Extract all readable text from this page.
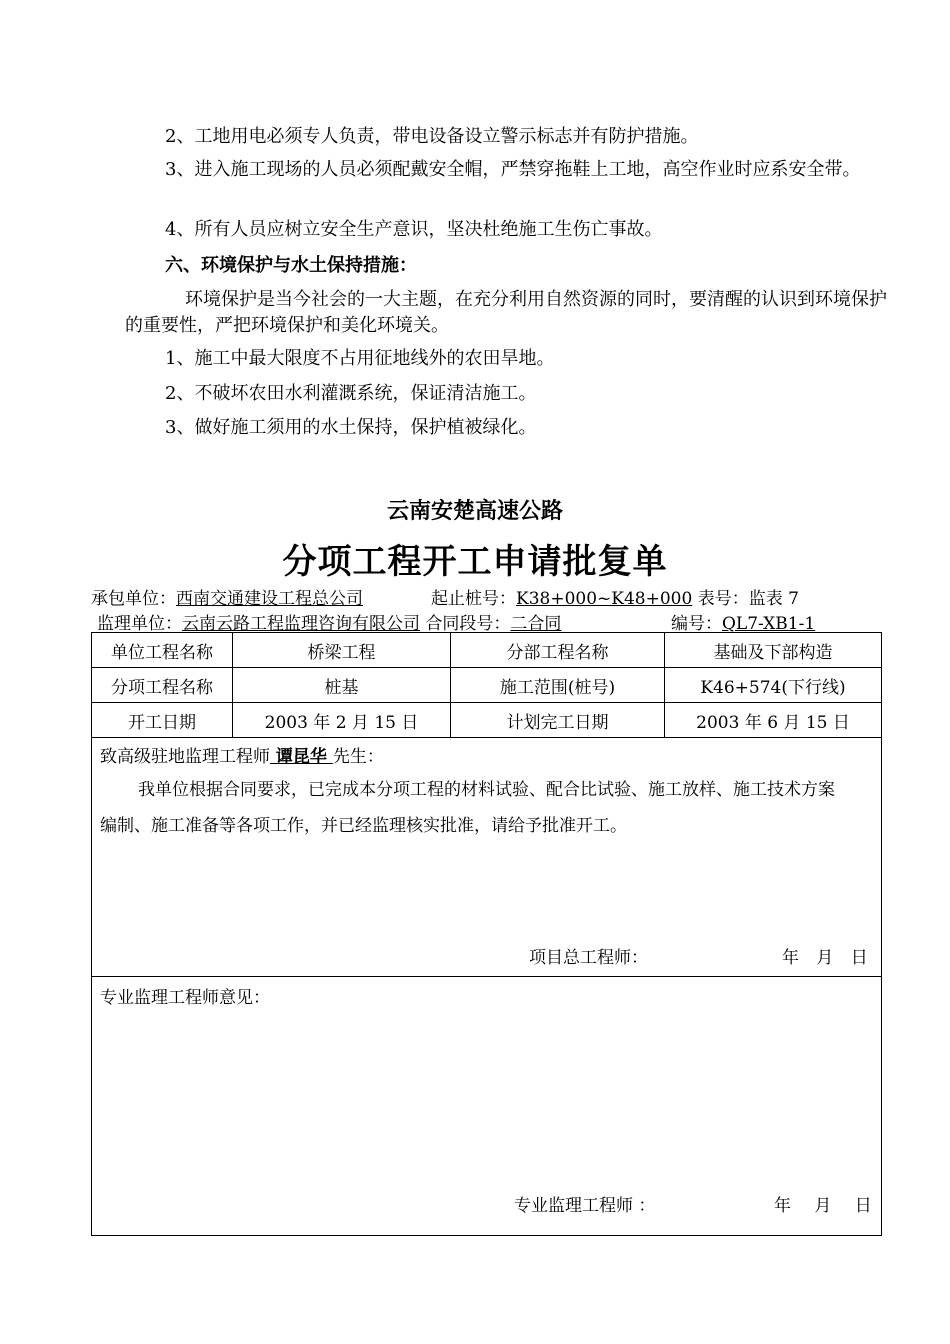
2、工地用电必须专人负责，带电设备设立警示标志并有防护措施。
3、进入施工现场的人员必须配戴安全帽，严禁穿拖鞋上工地，高空作业时应系安全带。
4、所有人员应树立安全生产意识，坚决杜绝施工生伤亡事故。
六、环境保护与水土保持措施：
环境保护是当今社会的一大主题，在充分利用自然资源的同时，要清醒的认识到环境保护的重要性，严把环境保护和美化环境关。
1、施工中最大限度不占用征地线外的农田旱地。
2、不破坏农田水利灌溉系统，保证清洁施工。
3、做好施工须用的水土保持，保护植被绿化。
云南安楚高速公路
分项工程开工申请批复单
承包单位：西南交通建设工程总公司	起止桩号：K38+000~K48+000 表号：监表 7
监理单位：云南云路工程监理咨询有限公司 合同段号：二合同	编号：QL7-XB1-1
单位工程名称	桥梁工程	分部工程名称	基础及下部构造
分项工程名称	桩基	施工范围(桩号)	K46+574(下行线)
开工日期	2003 年 2 月 15 日	计划完工日期	2003 年 6 月 15 日

致高级驻地监理工程师 谭昆华 先生：
我单位根据合同要求，已完成本分项工程的材料试验、配合比试验、施工放样、施工技术方案编制、施工准备等各项工作，并已经监理核实批准，请给予批准开工。
项目总工程师： 年 月 日			

专业监理工程师意见：
专业监理工程师 ： 年 月 日			
